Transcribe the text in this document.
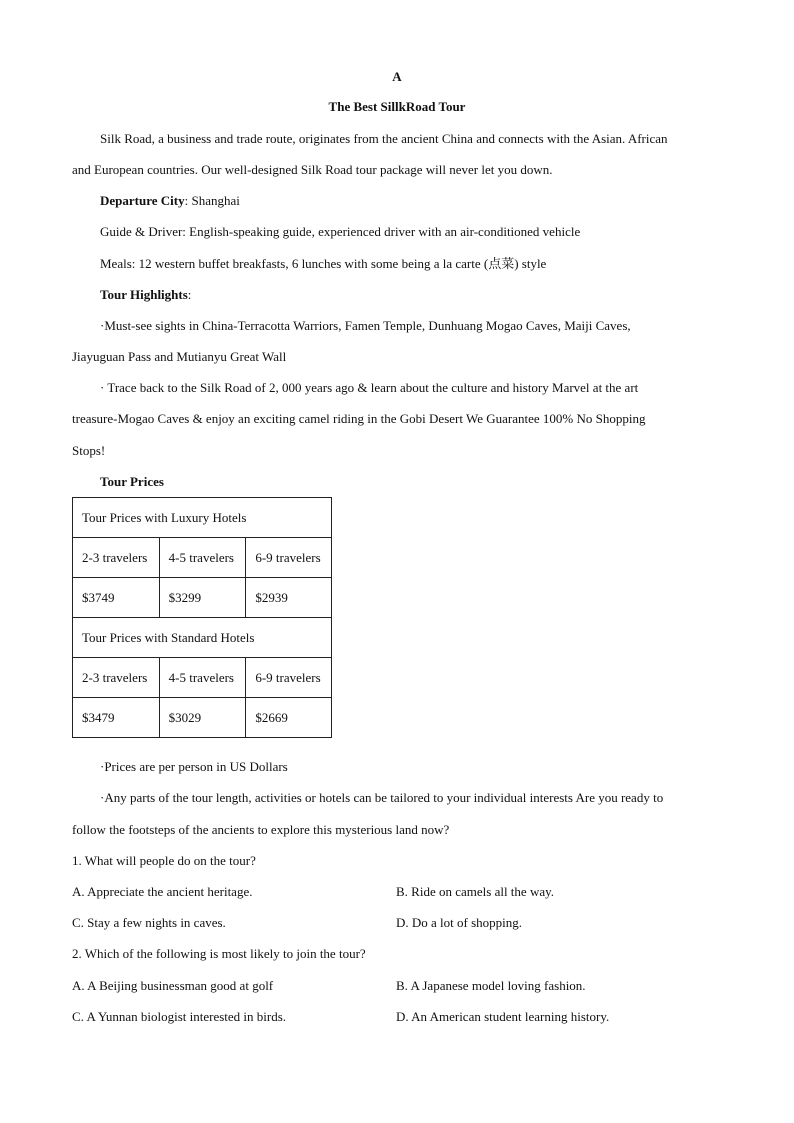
A
The Best SillkRoad Tour
Silk Road, a business and trade route, originates from the ancient China and connects with the Asian. African
and European countries. Our well-designed Silk Road tour package will never let you down.
Departure City: Shanghai
Guide & Driver: English-speaking guide, experienced driver with an air-conditioned vehicle
Meals: 12 western buffet breakfasts, 6 lunches with some being a la carte (点菜) style
Tour Highlights:
·Must-see sights in China-Terracotta Warriors, Famen Temple, Dunhuang Mogao Caves, Maiji Caves,
Jiayuguan Pass and Mutianyu Great Wall
· Trace back to the Silk Road of 2, 000 years ago & learn about the culture and history Marvel at the art
treasure-Mogao Caves & enjoy an exciting camel riding in the Gobi Desert We Guarantee 100% No Shopping
Stops!
Tour Prices
Tour Prices with Luxury Hotels		
2-3 travelers	4-5 travelers	6-9 travelers
$3749	$3299	$2939
Tour Prices with Standard Hotels		
2-3 travelers	4-5 travelers	6-9 travelers
$3479	$3029	$2669
·Prices are per person in US Dollars
·Any parts of the tour length, activities or hotels can be tailored to your individual interests Are you ready to
follow the footsteps of the ancients to explore this mysterious land now?
1. What will people do on the tour?
A. Appreciate the ancient heritage.	B. Ride on camels all the way.
C. Stay a few nights in caves.	D. Do a lot of shopping.
2. Which of the following is most likely to join the tour?
A. A Beijing businessman good at golf	B. A Japanese model loving fashion.
C. A Yunnan biologist interested in birds.	D. An American student learning history.
